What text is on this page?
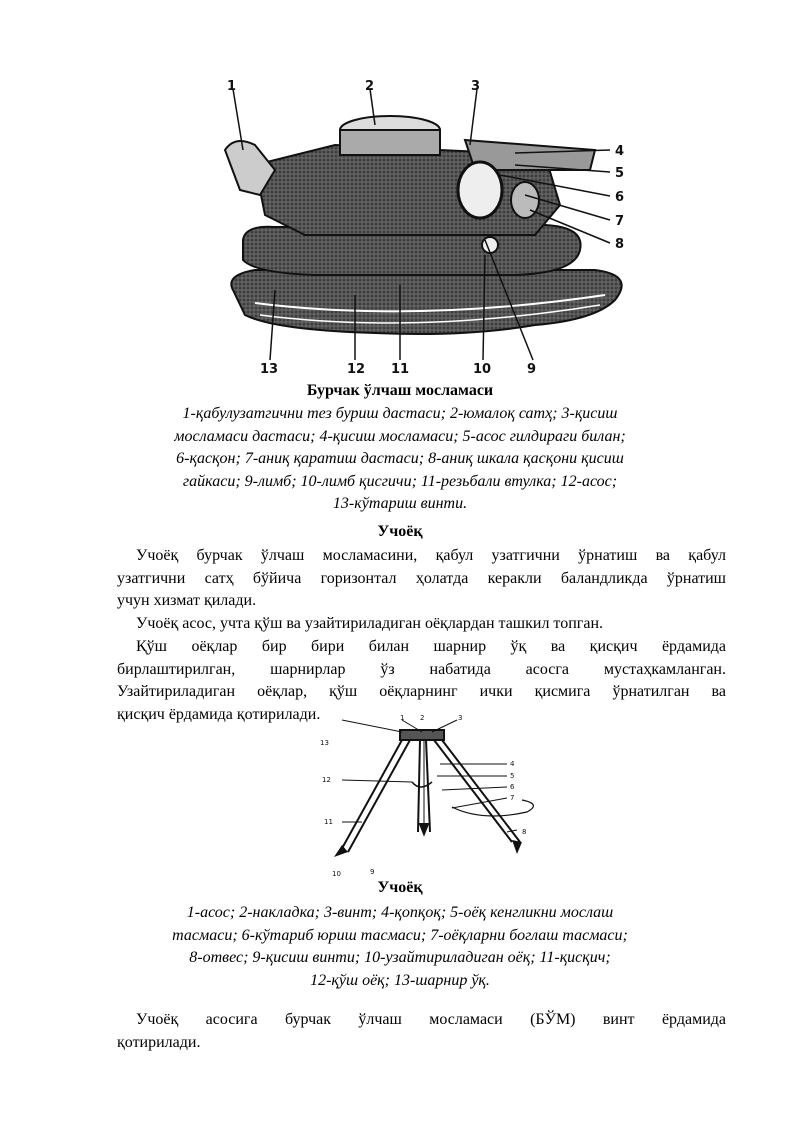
1	2	3
4
5
6
7
8
9
10
11
12
13
Бурчак ўлчаш мосламаси
1-қабулузатгични тез буриш дастаси; 2-юмалоқ сатҳ; 3-қисиш
мосламаси дастаси; 4-қисиш мосламаси; 5-асос гилдираги билан;
6-қасқон; 7-аниқ қаратиш дастаси; 8-аниқ шкала қасқони қисиш
гайкаси; 9-лимб; 10-лимб қисгичи; 11-резьбали втулка; 12-асос;
13-кўтариш винти.
Учоёқ
Учоёқ бурчак ўлчаш мосламасини, қабул узатгични ўрнатиш ва қабул
узатгични сатҳ бўйича горизонтал ҳолатда керакли баландликда ўрнатиш
учун хизмат қилади.
Учоёқ асос, учта қўш ва узайтириладиган оёқлардан ташкил топган.
Қўш оёқлар бир бири билан шарнир ўқ ва қисқич ёрдамида
бирлаштирилган, шарнирлар ўз набатида асосга мустаҳкамланган.
Узайтириладиган оёқлар, қўш оёқларнинг ички қисмига ўрнатилган ва
қисқич ёрдамида қотирилади.	1 2	3
4
5
6
7
8
9
10
11
12
13
Учоёқ
1-асос; 2-накладка; 3-винт; 4-қопқоқ; 5-оёқ кенгликни мослаш
тасмаси; 6-кўтариб юриш тасмаси; 7-оёқларни боглаш тасмаси;
8-отвес; 9-қисиш винти; 10-узайтириладиган оёқ; 11-қисқич;
12-қўш оёқ; 13-шарнир ўқ.
Учоёқ асосига бурчак ўлчаш мосламаси (БЎМ) винт ёрдамида
қотирилади.
